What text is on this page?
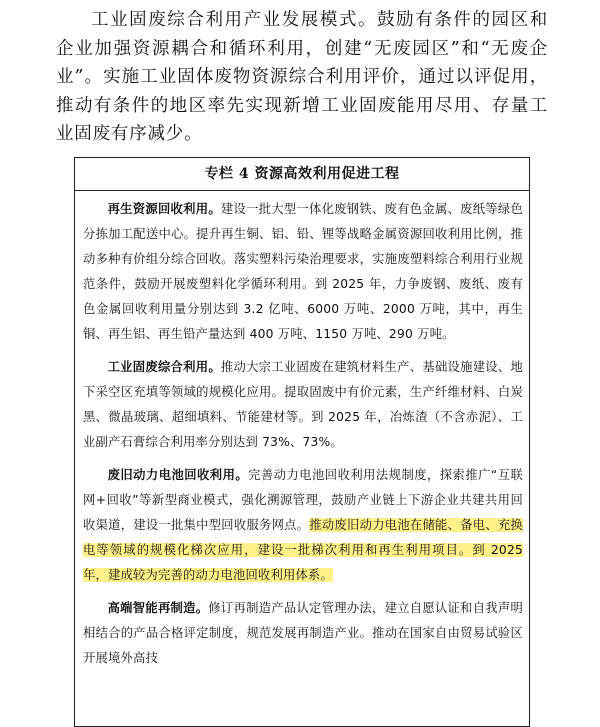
工业固废综合利用产业发展模式。鼓励有条件的园区和企业加强资源耦合和循环利用，创建“无废园区”和“无废企业”。实施工业固体废物资源综合利用评价，通过以评促用，推动有条件的地区率先实现新增工业固废能用尽用、存量工业固废有序减少。

专栏 4 资源高效利用促进工程

再生资源回收利用。建设一批大型一体化废钢铁、废有色金属、废纸等绿色分拣加工配送中心。提升再生铜、铝、铅、锂等战略金属资源回收利用比例，推动多种有价组分综合回收。落实塑料污染治理要求，实施废塑料综合利用行业规范条件，鼓励开展废塑料化学循环利用。到 2025 年，力争废钢、废纸、废有色金属回收利用量分别达到 3.2 亿吨、6000 万吨、2000 万吨，其中，再生铜、再生铝、再生铅产量达到 400 万吨、1150 万吨、290 万吨。

工业固废综合利用。推动大宗工业固废在建筑材料生产、基础设施建设、地下采空区充填等领域的规模化应用。提取固废中有价元素，生产纤维材料、白炭黑、微晶玻璃、超细填料、节能建材等。到 2025 年，冶炼渣（不含赤泥）、工业副产石膏综合利用率分别达到 73%、73%。

废旧动力电池回收利用。完善动力电池回收利用法规制度，探索推广“互联网+回收”等新型商业模式，强化溯源管理，鼓励产业链上下游企业共建共用回收渠道，建设一批集中型回收服务网点。推动废旧动力电池在储能、备电、充换电等领域的规模化梯次应用，建设一批梯次利用和再生利用项目。到 2025 年，建成较为完善的动力电池回收利用体系。

高端智能再制造。修订再制造产品认定管理办法，建立自愿认证和自我声明相结合的产品合格评定制度，规范发展再制造产业。推动在国家自由贸易试验区开展境外高技
